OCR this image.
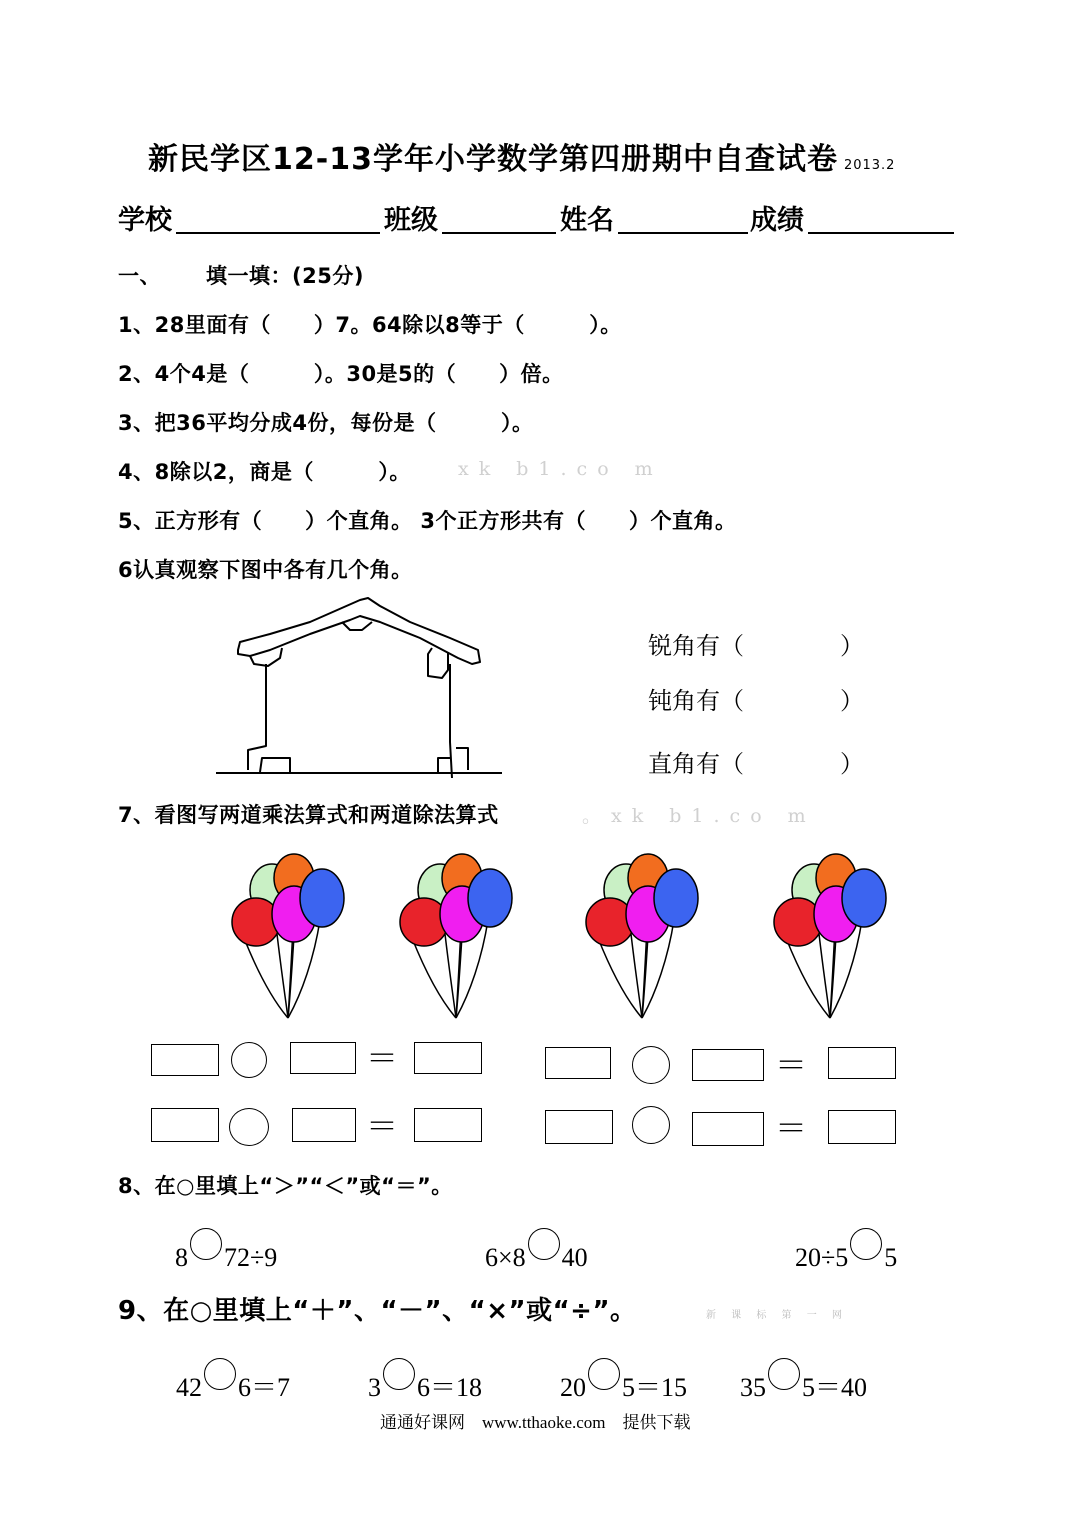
新民学区12-13学年小学数学第四册期中自查试卷 2013.2
学校	班级	姓名	成绩
一、 填一填：(25分)
1、28里面有（　　）7。64除以8等于（　　　）。
2、4个4是（　　　）。30是5的（　　）倍。
3、把36平均分成4份，每份是（　　　）。
4、8除以2，商是（　　　）。 xk b1.co m
5、正方形有（　　）个直角。 3个正方形共有（　　）个直角。
6认真观察下图中各有几个角。
锐角有（　　　　）
钝角有（　　　　）
直角有（　　　　）
7、看图写两道乘法算式和两道除法算式	。xk b1.co m
＝	＝
＝	＝
8、在○里填上“＞”“＜”或“＝”。
8 72÷9	6×8 40	20÷5 5
9、在○里填上“＋”、“－”、“×”或“÷”。	新 课 标 第 一 网
42 6＝7	3 6＝18	20 5＝15 35 5＝40
通通好课网　www.tthaoke.com　提供下载
